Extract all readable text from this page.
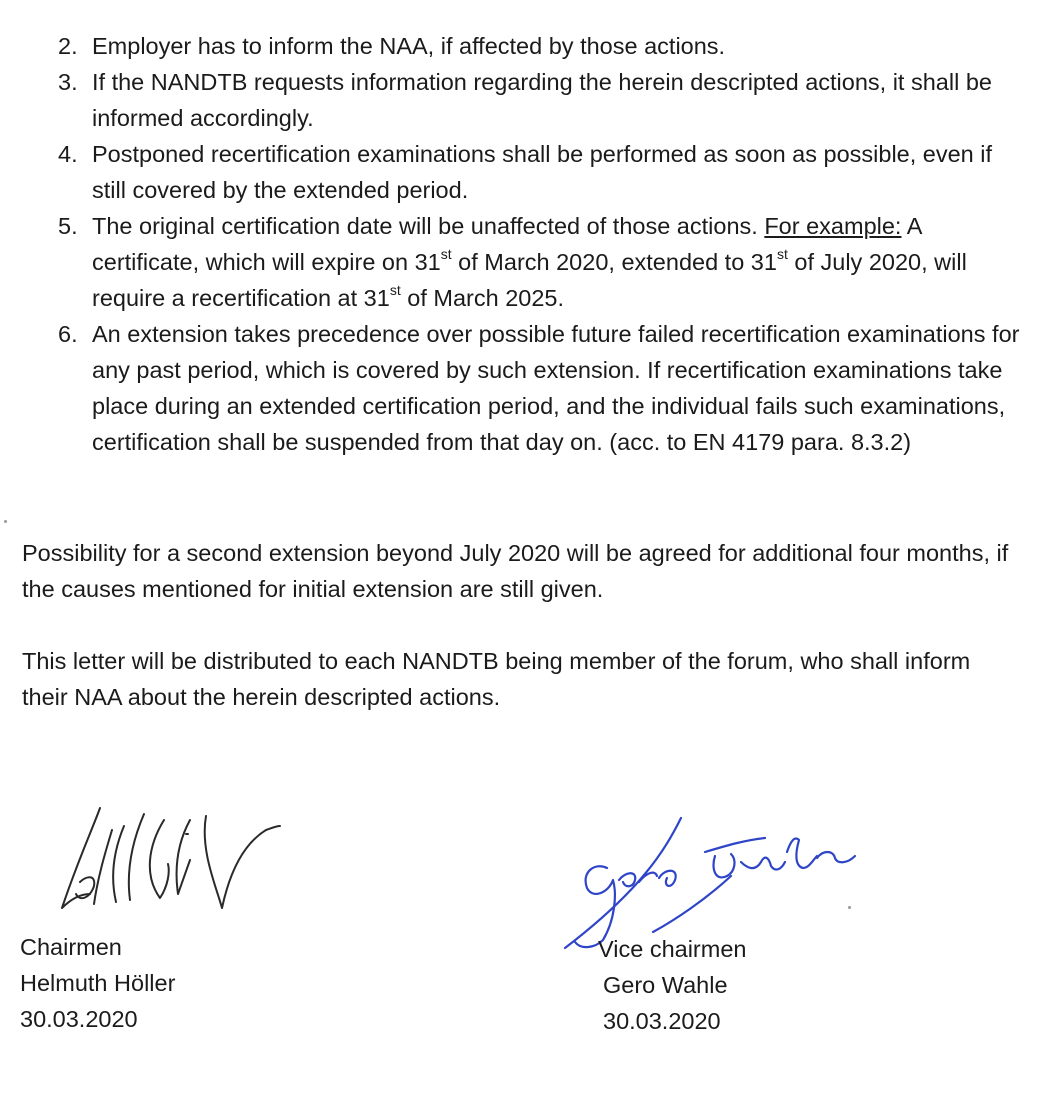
2. Employer has to inform the NAA, if affected by those actions.
3. If the NANDTB requests information regarding the herein descripted actions, it shall be informed accordingly.
4. Postponed recertification examinations shall be performed as soon as possible, even if still covered by the extended period.
5. The original certification date will be unaffected of those actions. For example: A certificate, which will expire on 31st of March 2020, extended to 31st of July 2020, will require a recertification at 31st of March 2025.
6. An extension takes precedence over possible future failed recertification examinations for any past period, which is covered by such extension. If recertification examinations take place during an extended certification period, and the individual fails such examinations, certification shall be suspended from that day on. (acc. to EN 4179 para. 8.3.2)

Possibility for a second extension beyond July 2020 will be agreed for additional four months, if the causes mentioned for initial extension are still given.

This letter will be distributed to each NANDTB being member of the forum, who shall inform their NAA about the herein descripted actions.

Chairmen
Helmuth Höller
30.03.2020
Vice chairmen
Gero Wahle
30.03.2020
